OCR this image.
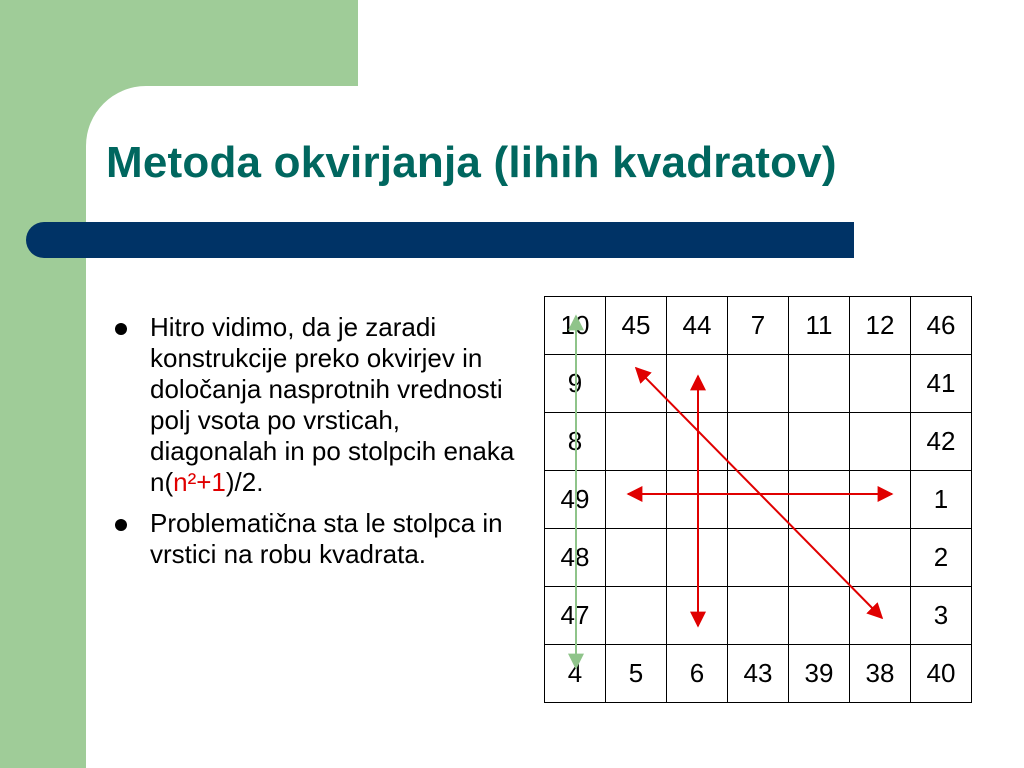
Metoda okvirjanja (lihih kvadratov)
Hitro vidimo, da je zaradi konstrukcije preko okvirjev in določanja nasprotnih vrednosti polj vsota po vrsticah, diagonalah in po stolpcih enaka n(n²+1)/2.
Problematična sta le stolpca in vrstici na robu kvadrata.
10	45	44	7	11	12	46
9						41
8						42
49						1
48						2
47						3
4	5	6	43	39	38	40
